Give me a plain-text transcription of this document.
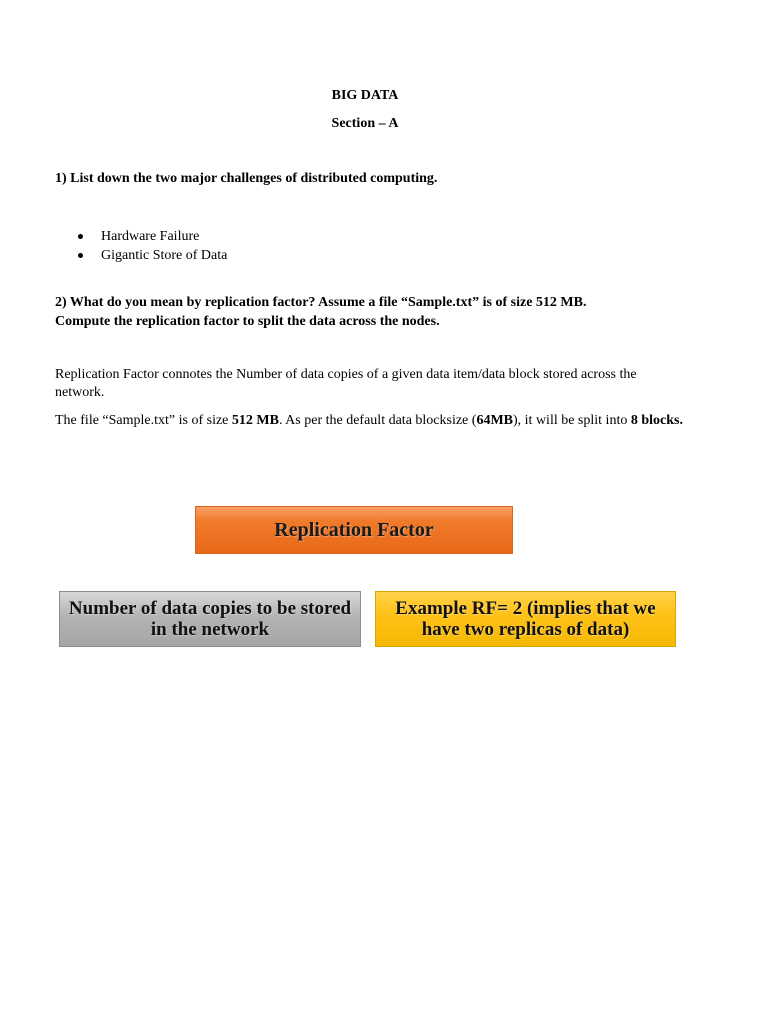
BIG DATA
Section – A
1) List down the two major challenges of distributed computing.
Hardware Failure
Gigantic Store of Data
2) What do you mean by replication factor? Assume a file “Sample.txt” is of size 512 MB.
Compute the replication factor to split the data across the nodes.
Replication Factor connotes the Number of data copies of a given data item/data block stored across the network.
The file “Sample.txt” is of size 512 MB. As per the default data blocksize (64MB), it will be split into 8 blocks.
Replication Factor
Number of data copies to be stored in the network
Example RF= 2 (implies that we have two replicas of data)
